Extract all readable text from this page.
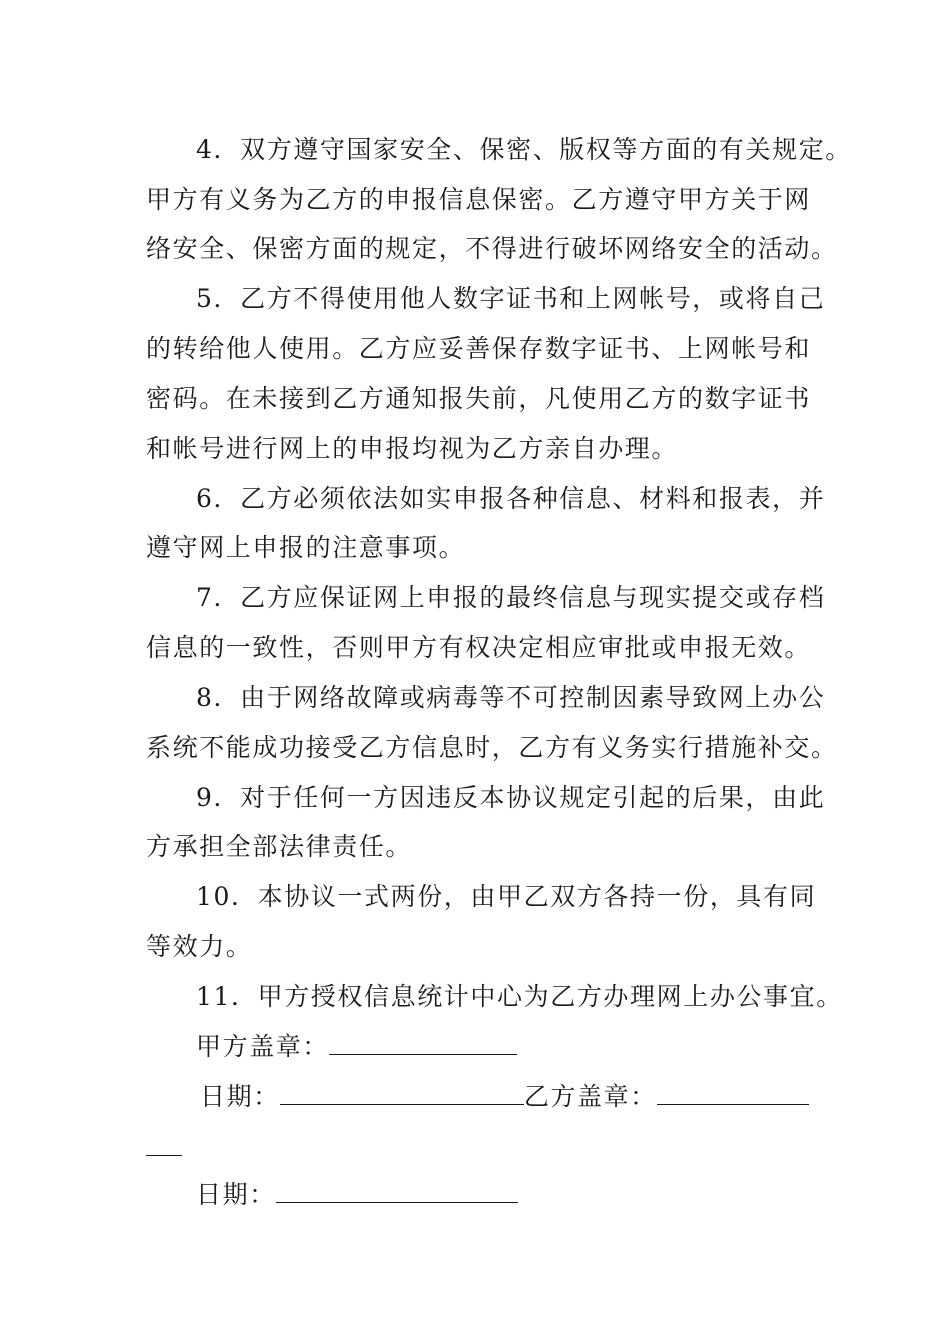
4．双方遵守国家安全、保密、版权等方面的有关规定。
甲方有义务为乙方的申报信息保密。乙方遵守甲方关于网
络安全、保密方面的规定，不得进行破坏网络安全的活动。
5．乙方不得使用他人数字证书和上网帐号，或将自己
的转给他人使用。乙方应妥善保存数字证书、上网帐号和
密码。在未接到乙方通知报失前，凡使用乙方的数字证书
和帐号进行网上的申报均视为乙方亲自办理。
6．乙方必须依法如实申报各种信息、材料和报表，并
遵守网上申报的注意事项。
7．乙方应保证网上申报的最终信息与现实提交或存档
信息的一致性，否则甲方有权决定相应审批或申报无效。
8．由于网络故障或病毒等不可控制因素导致网上办公
系统不能成功接受乙方信息时，乙方有义务实行措施补交。
9．对于任何一方因违反本协议规定引起的后果，由此
方承担全部法律责任。
10．本协议一式两份，由甲乙双方各持一份，具有同
等效力。
11．甲方授权信息统计中心为乙方办理网上办公事宜。
甲方盖章：
日期：	乙方盖章：
日期：
